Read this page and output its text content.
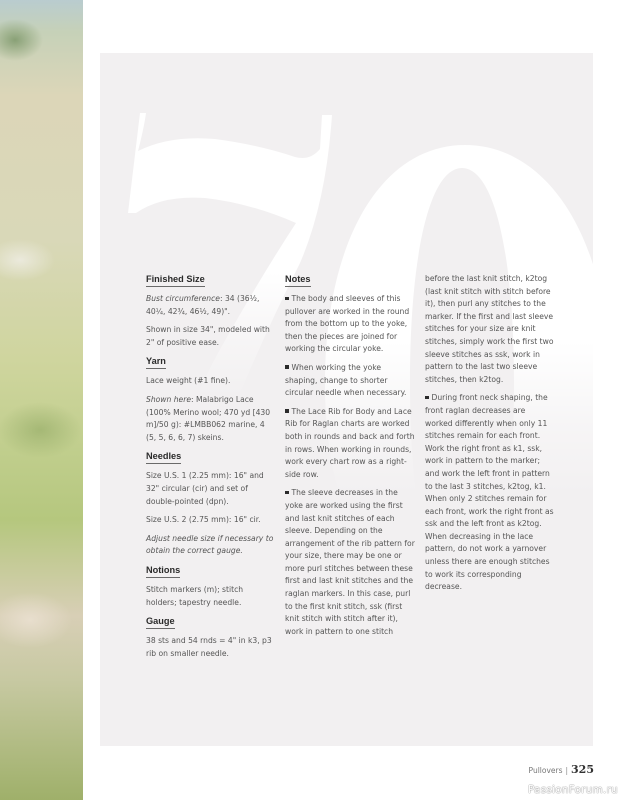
Finished Size

Bust circumference: 34 (36½, 40¼, 42¾, 46½, 49)".

Shown in size 34", modeled with 2" of positive ease.

Yarn

Lace weight (#1 fine).

Shown here: Malabrigo Lace (100% Merino wool; 470 yd [430 m]/50 g): #LMBB062 marine, 4 (5, 5, 6, 6, 7) skeins.

Needles

Size U.S. 1 (2.25 mm): 16" and 32" circular (cir) and set of double-pointed (dpn).

Size U.S. 2 (2.75 mm): 16" cir.

Adjust needle size if necessary to obtain the correct gauge.

Notions

Stitch markers (m); stitch holders; tapestry needle.

Gauge

38 sts and 54 rnds = 4" in k3, p3 rib on smaller needle.

Notes

The body and sleeves of this pullover are worked in the round from the bottom up to the yoke, then the pieces are joined for working the circular yoke.

When working the yoke shaping, change to shorter circular needle when necessary.

The Lace Rib for Body and Lace Rib for Raglan charts are worked both in rounds and back and forth in rows. When working in rounds, work every chart row as a right-side row.

The sleeve decreases in the yoke are worked using the first and last knit stitches of each sleeve. Depending on the arrangement of the rib pattern for your size, there may be one or more purl stitches between these first and last knit stitches and the raglan markers. In this case, purl to the first knit stitch, ssk (first knit stitch with stitch after it), work in pattern to one stitch

before the last knit stitch, k2tog (last knit stitch with stitch before it), then purl any stitches to the marker. If the first and last sleeve stitches for your size are knit stitches, simply work the first two sleeve stitches as ssk, work in pattern to the last two sleeve stitches, then k2tog.

During front neck shaping, the front raglan decreases are worked differently when only 11 stitches remain for each front. Work the right front as k1, ssk, work in pattern to the marker; and work the left front in pattern to the last 3 stitches, k2tog, k1. When only 2 stitches remain for each front, work the right front as ssk and the left front as k2tog. When decreasing in the lace pattern, do not work a yarnover unless there are enough stitches to work its corresponding decrease.

Pullovers | 325
PassionForum.ru
